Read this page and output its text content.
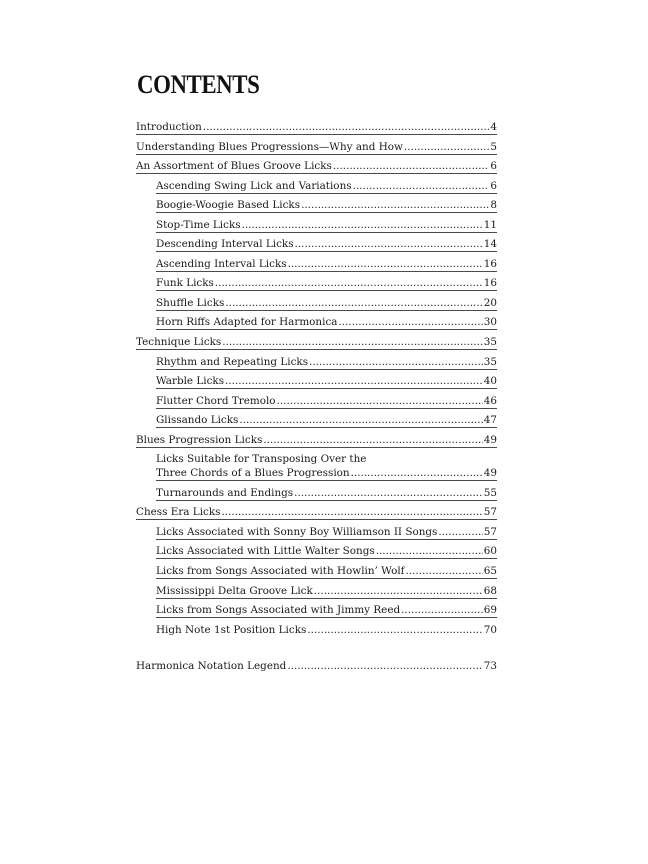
CONTENTS
Introduction .....	4
Understanding Blues Progressions—Why and How .....	5
An Assortment of Blues Groove Licks .....	6
Ascending Swing Lick and Variations .....	6
Boogie-Woogie Based Licks .....	8
Stop-Time Licks .....	11
Descending Interval Licks .....	14
Ascending Interval Licks .....	16
Funk Licks .....	16
Shuffle Licks .....	20
Horn Riffs Adapted for Harmonica .....	30
Technique Licks .....	35
Rhythm and Repeating Licks .....	35
Warble Licks .....	40
Flutter Chord Tremolo .....	46
Glissando Licks .....	47
Blues Progression Licks .....	49
Licks Suitable for Transposing Over the
Three Chords of a Blues Progression .....	49
Turnarounds and Endings .....	55
Chess Era Licks .....	57
Licks Associated with Sonny Boy Williamson II Songs .....	57
Licks Associated with Little Walter Songs .....	60
Licks from Songs Associated with Howlin’ Wolf .....	65
Mississippi Delta Groove Lick .....	68
Licks from Songs Associated with Jimmy Reed .....	69
High Note 1st Position Licks .....	70
Harmonica Notation Legend .....	73
